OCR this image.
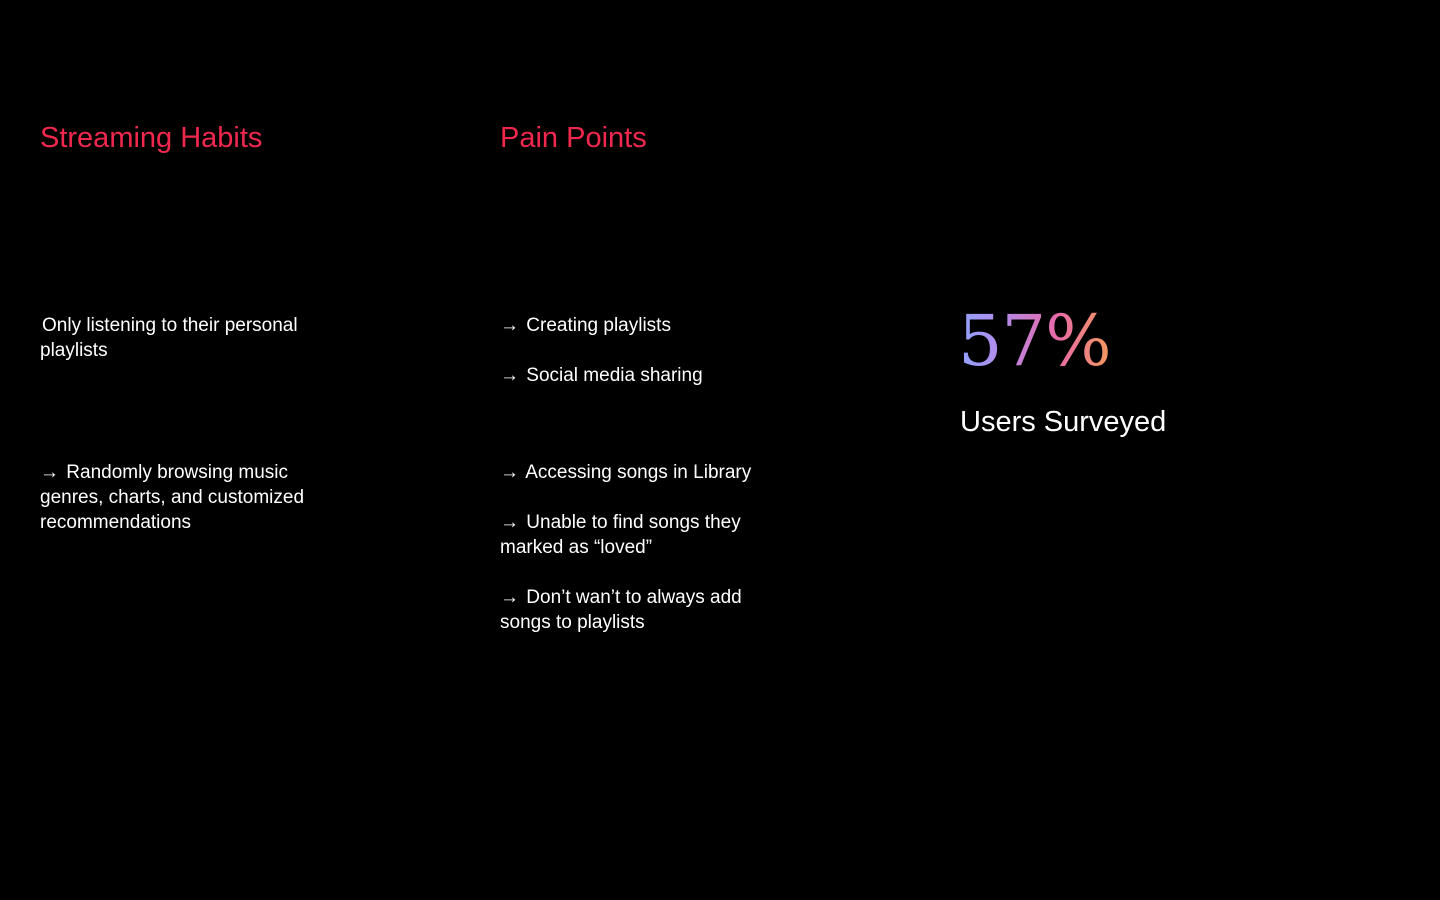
Streaming Habits	Pain Points

Only listening to their personal playlists

→ Randomly browsing music genres, charts, and customized recommendations

→ Creating playlists

→ Social media sharing

→ Accessing songs in Library

→ Unable to find songs they marked as “loved”

→ Don’t wan’t to always add songs to playlists

57%
Users Surveyed
